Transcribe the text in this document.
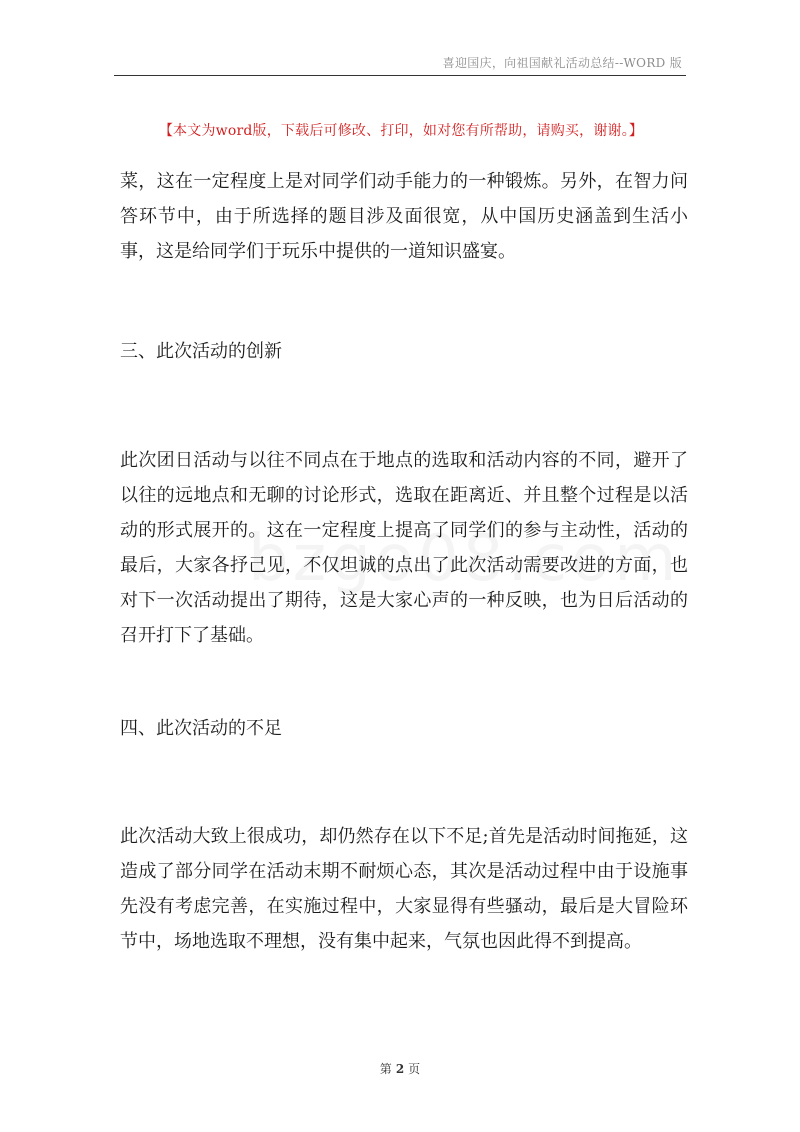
喜迎国庆，向祖国献礼活动总结--WORD 版
【本文为word版，下载后可修改、打印，如对您有所帮助，请购买，谢谢。】

菜，这在一定程度上是对同学们动手能力的一种锻炼。另外，在智力问答环节中，由于所选择的题目涉及面很宽，从中国历史涵盖到生活小事，这是给同学们于玩乐中提供的一道知识盛宴。

三、此次活动的创新

此次团日活动与以往不同点在于地点的选取和活动内容的不同，避开了以往的远地点和无聊的讨论形式，选取在距离近、并且整个过程是以活动的形式展开的。这在一定程度上提高了同学们的参与主动性，活动的最后，大家各抒己见，不仅坦诚的点出了此次活动需要改进的方面，也对下一次活动提出了期待，这是大家心声的一种反映，也为日后活动的召开打下了基础。

四、此次活动的不足

此次活动大致上很成功，却仍然存在以下不足;首先是活动时间拖延，这造成了部分同学在活动末期不耐烦心态，其次是活动过程中由于设施事先没有考虑完善，在实施过程中，大家显得有些骚动，最后是大冒险环节中，场地选取不理想，没有集中起来，气氛也因此得不到提高。

第 2 页
